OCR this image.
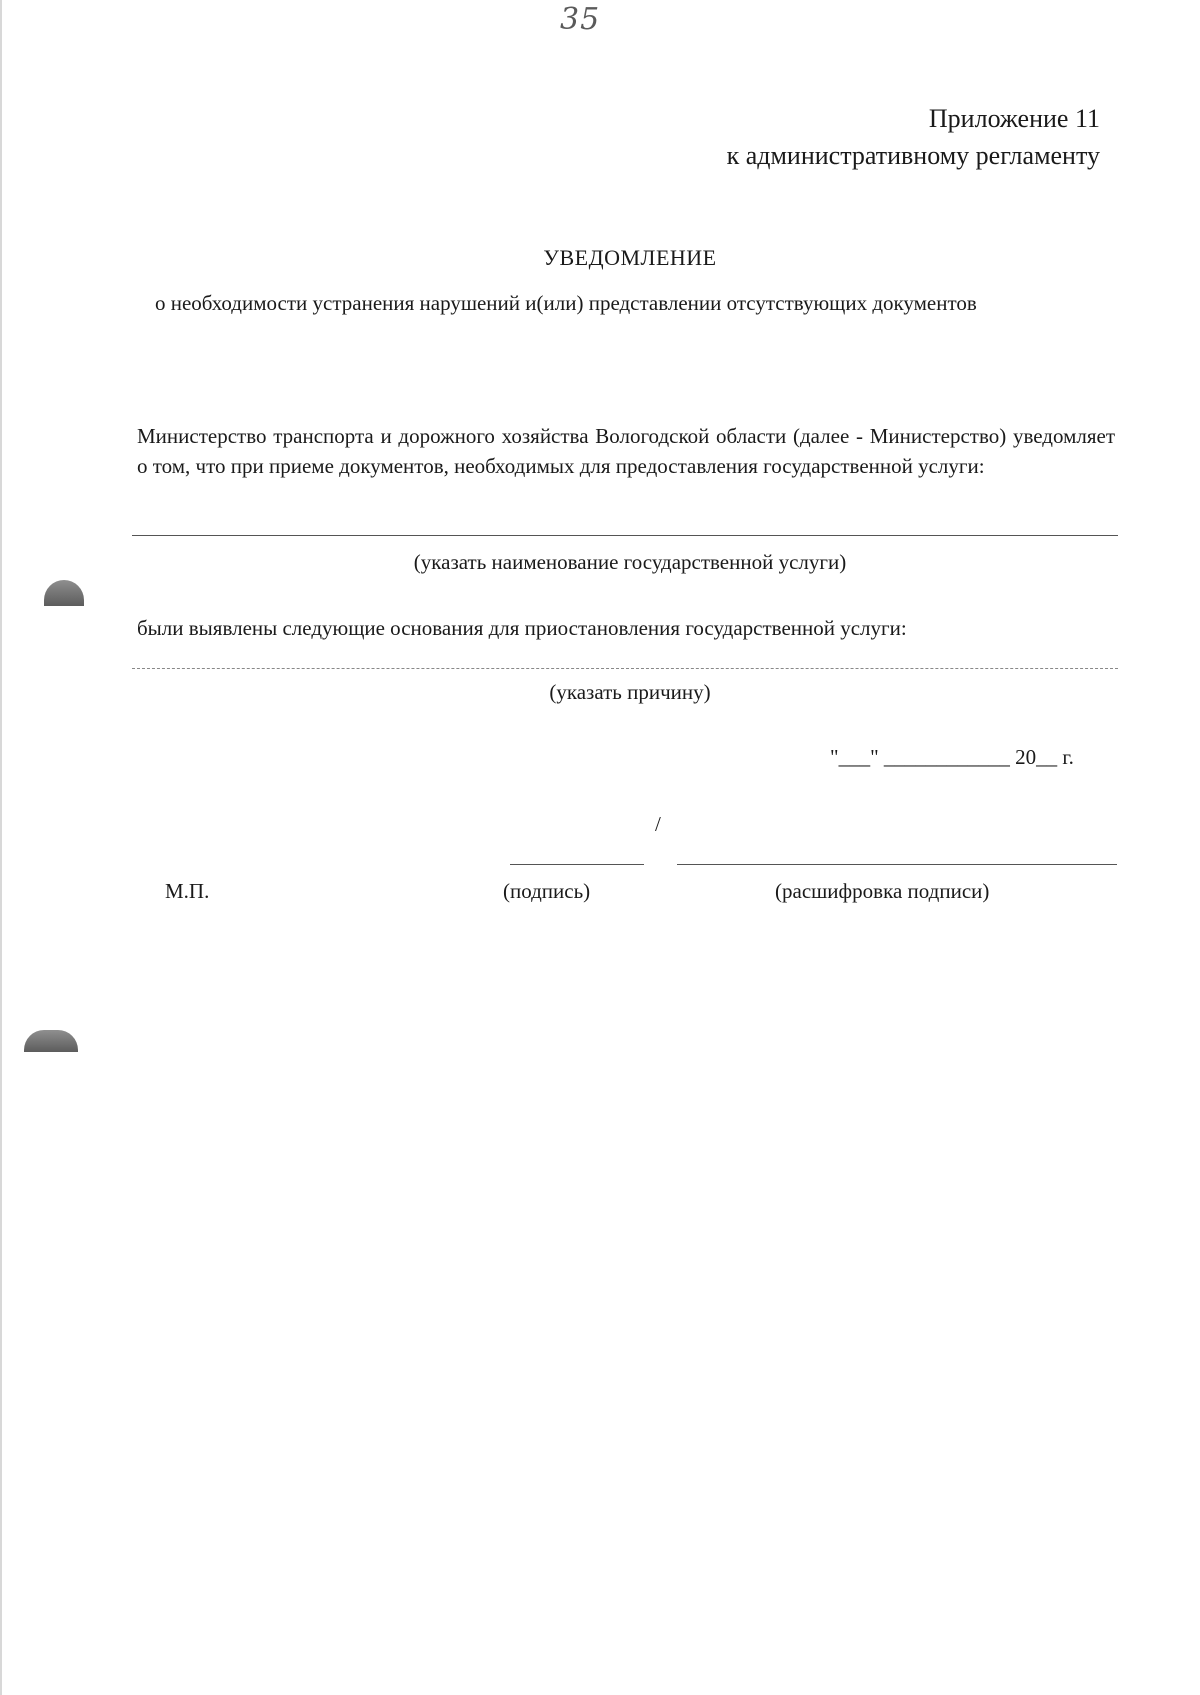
35
Приложение 11
к административному регламенту
УВЕДОМЛЕНИЕ
о необходимости устранения нарушений и(или) представлении отсутствующих документов
Министерство транспорта и дорожного хозяйства Вологодской области (далее - Министерство) уведомляет о том, что при приеме документов, необходимых для предоставления государственной услуги:
(указать наименование государственной услуги)
были выявлены следующие основания для приостановления государственной услуги:
(указать причину)
"___" ____________ 20__ г.
/
М.П.	(подпись)	(расшифровка подписи)
